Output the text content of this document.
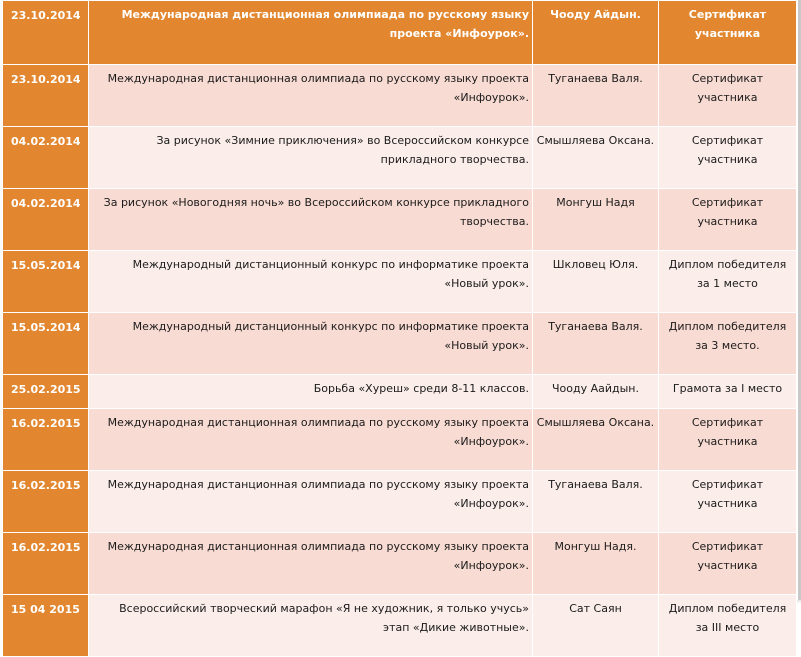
23.10.2014	Международная дистанционная олимпиада по русскому языку проекта «Инфоурок».	Чооду Айдын.	Сертификат участника
23.10.2014	Международная дистанционная олимпиада по русскому языку проекта «Инфоурок».	Туганаева Валя.	Сертификат участника
04.02.2014	За рисунок «Зимние приключения» во Всероссийском конкурсе прикладного творчества.	Смышляева Оксана.	Сертификат участника
04.02.2014	За рисунок «Новогодняя ночь» во Всероссийском конкурсе прикладного творчества.	Монгуш Надя	Сертификат участника
15.05.2014	Международный дистанционный конкурс по информатике проекта «Новый урок».	Шкловец Юля.	Диплом победителя за 1 место
15.05.2014	Международный дистанционный конкурс по информатике проекта «Новый урок».	Туганаева Валя.	Диплом победителя за 3 место.
25.02.2015	Борьба «Хуреш» среди 8-11 классов.	Чооду Аайдын.	Грамота за I место
16.02.2015	Международная дистанционная олимпиада по русскому языку проекта «Инфоурок».	Смышляева Оксана.	Сертификат участника
16.02.2015	Международная дистанционная олимпиада по русскому языку проекта «Инфоурок».	Туганаева Валя.	Сертификат участника
16.02.2015	Международная дистанционная олимпиада по русскому языку проекта «Инфоурок».	Монгуш Надя.	Сертификат участника
15 04 2015	Всероссийский творческий марафон «Я не художник, я только учусь» этап «Дикие животные».	Сат Саян	Диплом победителя за III место
